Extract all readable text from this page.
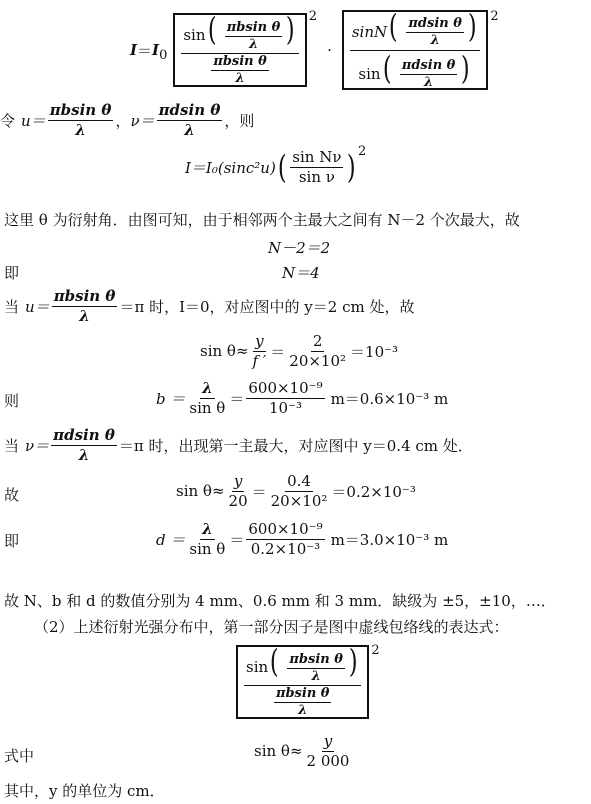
I ＝ I $0 \frac{\sin( \frac{\text{πbsin θ}}{\lambda} )}{\frac{\text{πbsin θ}}{\lambda}} 2$
· $\frac{\sin N( \frac{\text{πdsin θ}}{\lambda} )}{\sin( \frac{\text{πdsin θ}}{\lambda} )} 2$
令 $u= \frac{\text{πbsin θ}}{\lambda}$ ， $\nu= \frac{\text{πdsin θ}}{\lambda}$ ，则
I＝I₀(sinc²u) ( $\frac{\text{sin Nν}}{\text{sin ν}}$ ) 2
这里 θ 为衍射角．由图可知，由于相邻两个主最大之间有 N－2 个次最大，故
N－2＝2
即	N＝4
当 $u= \frac{\text{πbsin θ}}{\lambda} =\pi$ 时，I＝0，对应图中的 y＝2 cm 处，故
$\sin \theta\approx \frac{y}{f '} = \frac{2}{\text{20×10²}} =10^{-3}$
则	$b = \frac{\lambda}{\text{sin θ}} = \frac{\text{600×10⁻⁹}}{\text{10⁻³}} m=0.6\times 10^{-3}$ m
当 $\nu= \frac{\text{πdsin θ}}{\lambda} =\pi$ 时，出现第一主最大，对应图中 y＝0.4 cm 处．
故	$\sin \theta\approx \frac{y}{20} = \frac{0.4}{\text{20×10²}} =0.2\times 10^{-3}$
即	$d = \frac{\lambda}{\text{sin θ}} = \frac{\text{600×10⁻⁹}}{\text{0.2×10⁻³}} m=3.0\times 10^{-3}$ m
故 N、b 和 d 的数值分别为 4 mm、0.6 mm 和 3 mm．缺级为 ±5，±10，…．
（2）上述衍射光强分布中，第一部分因子是图中虚线包络线的表达式：
$\frac{\sin( \frac{\text{πbsin θ}}{\lambda} )}{\frac{\text{πbsin θ}}{\lambda}} 2$
式中	$\sin \theta\approx \frac{y}{2 000}$
其中，y 的单位为 cm．
